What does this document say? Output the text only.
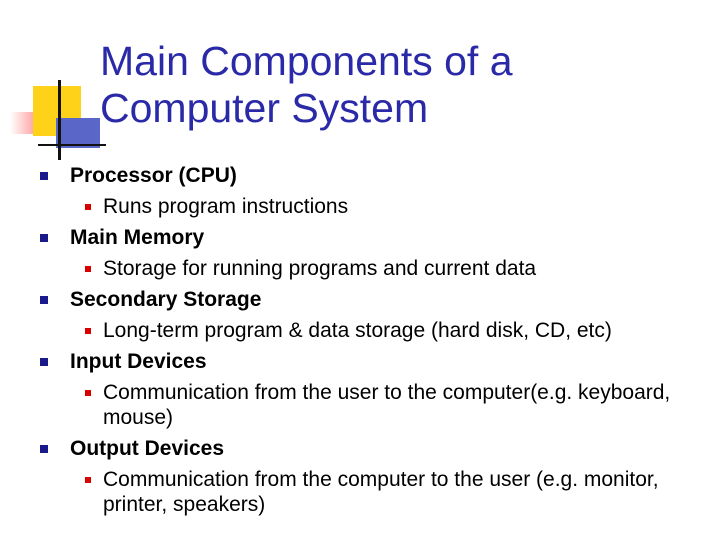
Main Components of a
Computer System
Processor (CPU)
Runs program instructions
Main Memory
Storage for running programs and current data
Secondary Storage
Long-term program & data storage (hard disk, CD, etc)
Input Devices
Communication from the user to the computer(e.g. keyboard, mouse)
Output Devices
Communication from the computer to the user (e.g. monitor, printer, speakers)
